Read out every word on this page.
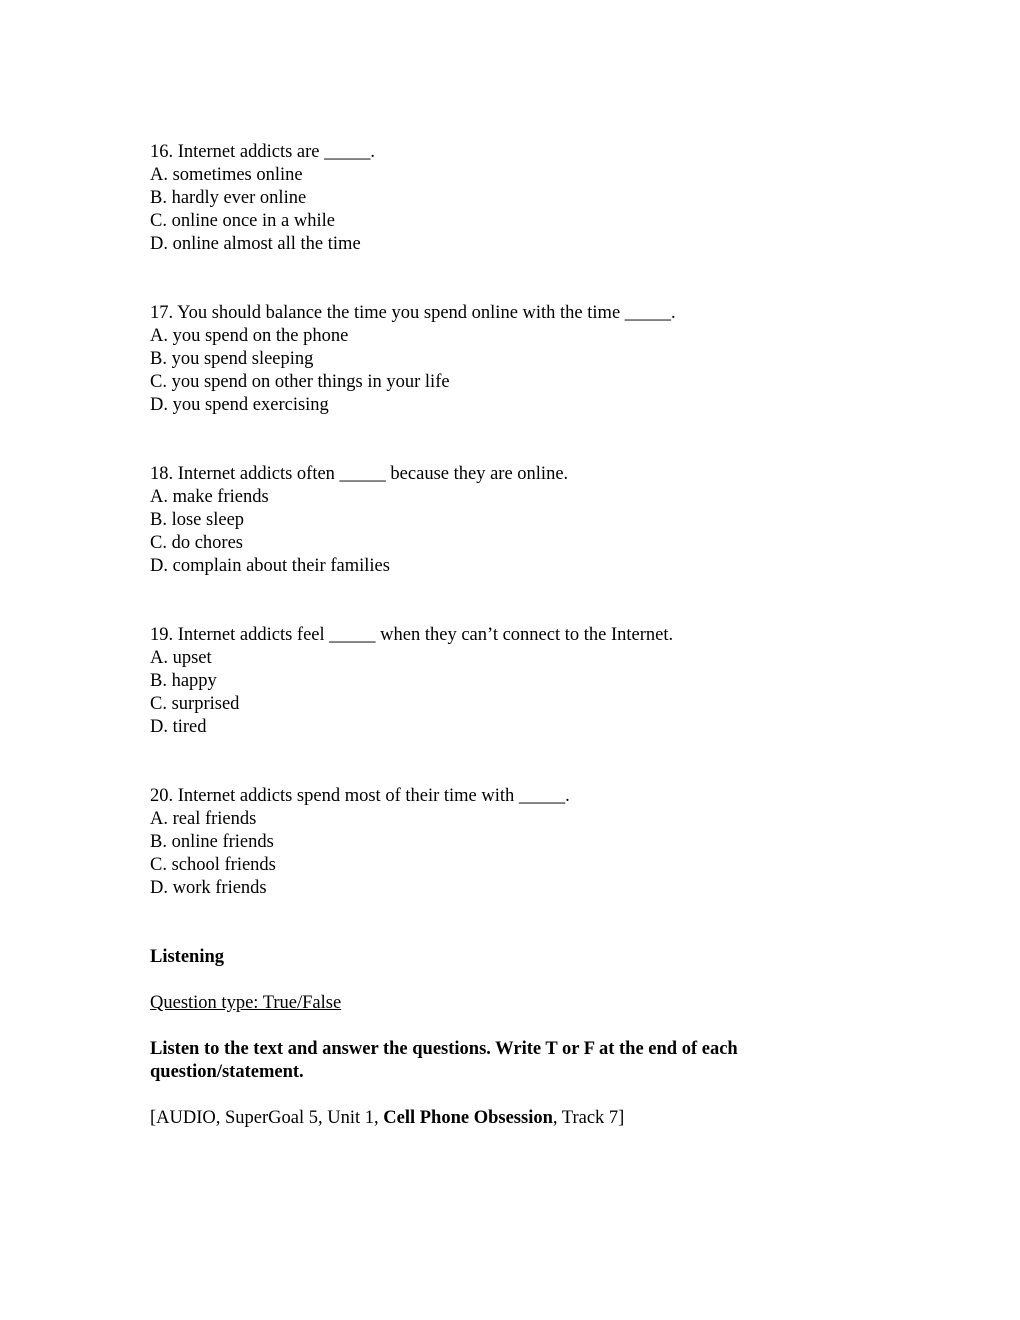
16. Internet addicts are _____.
A. sometimes online
B. hardly ever online
C. online once in a while
D. online almost all the time
17. You should balance the time you spend online with the time _____.
A. you spend on the phone
B. you spend sleeping
C. you spend on other things in your life
D. you spend exercising
18. Internet addicts often _____ because they are online.
A. make friends
B. lose sleep
C. do chores
D. complain about their families
19. Internet addicts feel _____ when they can’t connect to the Internet.
A. upset
B. happy
C. surprised
D. tired
20. Internet addicts spend most of their time with _____.
A. real friends
B. online friends
C. school friends
D. work friends
Listening
Question type: True/False
Listen to the text and answer the questions. Write T or F at the end of each question/statement.
[AUDIO, SuperGoal 5, Unit 1, Cell Phone Obsession, Track 7]
